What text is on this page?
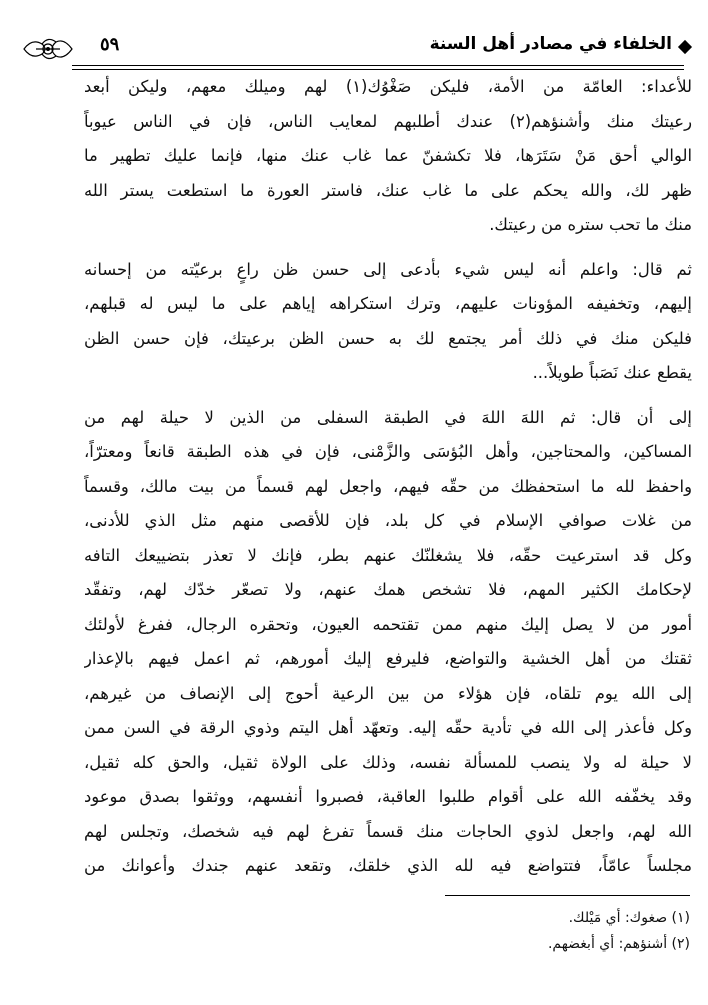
٥٩	الخلفاء في مصادر أهل السنة

للأعداء: العامّة من الأمة، فليكن صَغْوُك(١) لهم وميلك معهم، وليكن أبعد
رعيتك منك وأشنؤهم(٢) عندك أطلبهم لمعايب الناس، فإن في الناس عيوباً
الوالي أحق مَنْ سَتَرَها، فلا تكشفنّ عما غاب عنك منها، فإنما عليك تطهير ما
ظهر لك، والله يحكم على ما غاب عنك، فاستر العورة ما استطعت يستر الله
منك ما تحب ستره من رعيتك.

ثم قال: واعلم أنه ليس شيء بأدعى إلى حسن ظن راعٍ برعيّته من إحسانه
إليهم، وتخفيفه المؤونات عليهم، وترك استكراهه إياهم على ما ليس له قبلهم،
فليكن منك في ذلك أمر يجتمع لك به حسن الظن برعيتك، فإن حسن الظن
يقطع عنك نَصَباً طويلاً...

إلى أن قال: ثم اللهَ اللهَ في الطبقة السفلى من الذين لا حيلة لهم من
المساكين، والمحتاجين، وأهل البُؤسَى والزَّمْنى، فإن في هذه الطبقة قانعاً ومعترّاً،
واحفظ لله ما استحفظك من حقّه فيهم، واجعل لهم قسماً من بيت مالك، وقسماً
من غلات صوافي الإسلام في كل بلد، فإن للأقصى منهم مثل الذي للأدنى،
وكل قد استرعيت حقّه، فلا يشغلنّك عنهم بطر، فإنك لا تعذر بتضييعك التافه
لإحكامك الكثير المهم، فلا تشخص همك عنهم، ولا تصعّر خدّك لهم، وتفقّد
أمور من لا يصل إليك منهم ممن تقتحمه العيون، وتحقره الرجال، ففرغ لأولئك
ثقتك من أهل الخشية والتواضع، فليرفع إليك أمورهم، ثم اعمل فيهم بالإعذار
إلى الله يوم تلقاه، فإن هؤلاء من بين الرعية أحوج إلى الإنصاف من غيرهم،
وكل فأعذر إلى الله في تأدية حقّه إليه. وتعهّد أهل اليتم وذوي الرقة في السن ممن
لا حيلة له ولا ينصب للمسألة نفسه، وذلك على الولاة ثقيل، والحق كله ثقيل،
وقد يخفّفه الله على أقوام طلبوا العاقبة، فصبروا أنفسهم، ووثقوا بصدق موعود
الله لهم، واجعل لذوي الحاجات منك قسماً تفرغ لهم فيه شخصك، وتجلس لهم
مجلساً عامّاً، فتتواضع فيه لله الذي خلقك، وتقعد عنهم جندك وأعوانك من

(١) صغوك: أي مَيْلك.
(٢) أشنؤهم: أي أبغضهم.
